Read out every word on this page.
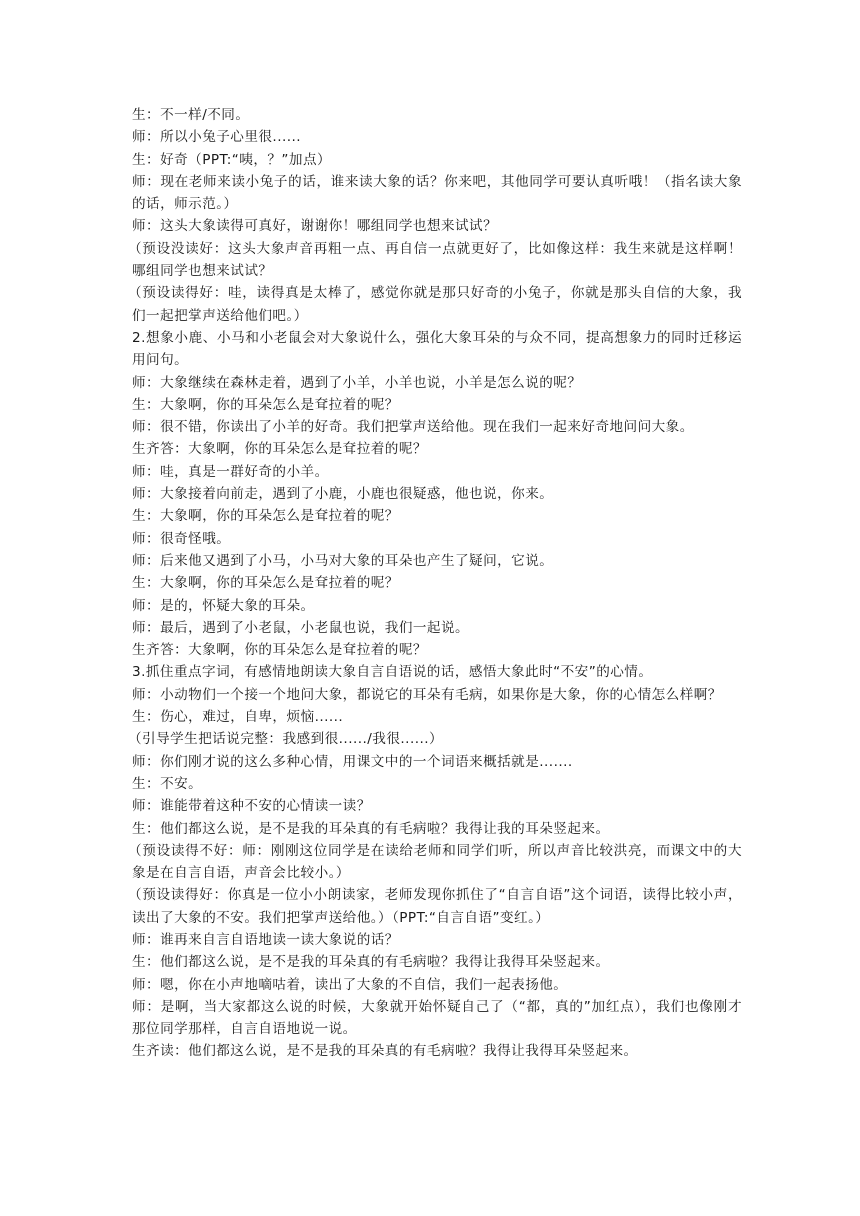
生：不一样/不同。

师：所以小兔子心里很......

生：好奇（PPT:“咦，？”加点）

师：现在老师来读小兔子的话，谁来读大象的话？你来吧，其他同学可要认真听哦！（指名读大象的话，师示范。）

师：这头大象读得可真好，谢谢你！哪组同学也想来试试？

（预设没读好：这头大象声音再粗一点、再自信一点就更好了，比如像这样：我生来就是这样啊！哪组同学也想来试试？

（预设读得好：哇，读得真是太棒了，感觉你就是那只好奇的小兔子，你就是那头自信的大象，我们一起把掌声送给他们吧。）

2.想象小鹿、小马和小老鼠会对大象说什么，强化大象耳朵的与众不同，提高想象力的同时迁移运用问句。

师：大象继续在森林走着，遇到了小羊，小羊也说，小羊是怎么说的呢？

生：大象啊，你的耳朵怎么是耷拉着的呢？

师：很不错，你读出了小羊的好奇。我们把掌声送给他。现在我们一起来好奇地问问大象。

生齐答：大象啊，你的耳朵怎么是耷拉着的呢？

师：哇，真是一群好奇的小羊。

师：大象接着向前走，遇到了小鹿，小鹿也很疑惑，他也说，你来。

生：大象啊，你的耳朵怎么是耷拉着的呢？

师：很奇怪哦。

师：后来他又遇到了小马，小马对大象的耳朵也产生了疑问，它说。

生：大象啊，你的耳朵怎么是耷拉着的呢？

师：是的，怀疑大象的耳朵。

师：最后，遇到了小老鼠，小老鼠也说，我们一起说。

生齐答：大象啊，你的耳朵怎么是耷拉着的呢？

3.抓住重点字词，有感情地朗读大象自言自语说的话，感悟大象此时“不安”的心情。

师：小动物们一个接一个地问大象，都说它的耳朵有毛病，如果你是大象，你的心情怎么样啊？

生：伤心，难过，自卑，烦恼......

（引导学生把话说完整：我感到很....../我很......）

师：你们刚才说的这么多种心情，用课文中的一个词语来概括就是.......

生：不安。

师：谁能带着这种不安的心情读一读？

生：他们都这么说，是不是我的耳朵真的有毛病啦？我得让我的耳朵竖起来。

（预设读得不好：师：刚刚这位同学是在读给老师和同学们听，所以声音比较洪亮，而课文中的大象是在自言自语，声音会比较小。）

（预设读得好：你真是一位小小朗读家，老师发现你抓住了“自言自语”这个词语，读得比较小声，读出了大象的不安。我们把掌声送给他。）（PPT:“自言自语”变红。）

师：谁再来自言自语地读一读大象说的话？

生：他们都这么说，是不是我的耳朵真的有毛病啦？我得让我得耳朵竖起来。

师：嗯，你在小声地嘀咕着，读出了大象的不自信，我们一起表扬他。

师：是啊，当大家都这么说的时候，大象就开始怀疑自己了（“都，真的”加红点），我们也像刚才那位同学那样，自言自语地说一说。

生齐读：他们都这么说，是不是我的耳朵真的有毛病啦？我得让我得耳朵竖起来。
